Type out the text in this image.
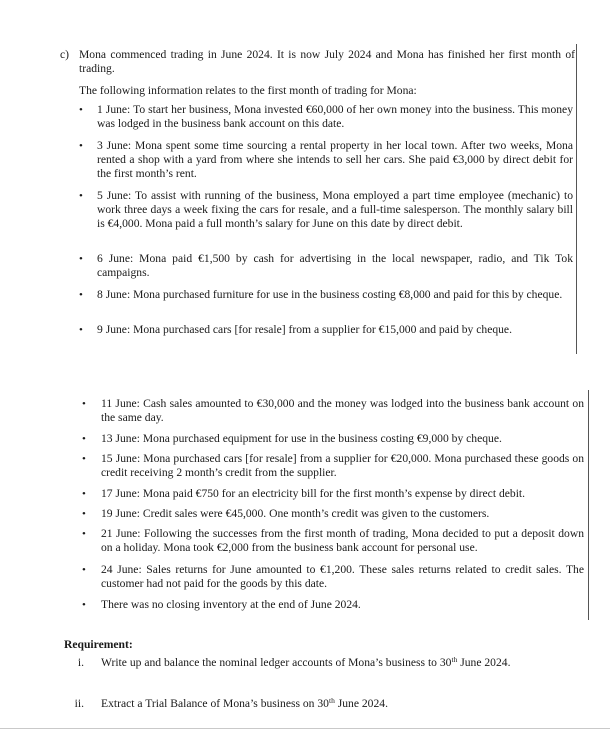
c) Mona commenced trading in June 2024. It is now July 2024 and Mona has finished her first month of trading.
The following information relates to the first month of trading for Mona:
• 1 June: To start her business, Mona invested €60,000 of her own money into the business. This money was lodged in the business bank account on this date.
• 3 June: Mona spent some time sourcing a rental property in her local town. After two weeks, Mona rented a shop with a yard from where she intends to sell her cars. She paid €3,000 by direct debit for the first month’s rent.
• 5 June: To assist with running of the business, Mona employed a part time employee (mechanic) to work three days a week fixing the cars for resale, and a full-time salesperson. The monthly salary bill is €4,000. Mona paid a full month’s salary for June on this date by direct debit.
• 6 June: Mona paid €1,500 by cash for advertising in the local newspaper, radio, and Tik Tok campaigns.
• 8 June: Mona purchased furniture for use in the business costing €8,000 and paid for this by cheque.
• 9 June: Mona purchased cars [for resale] from a supplier for €15,000 and paid by cheque.
• 11 June: Cash sales amounted to €30,000 and the money was lodged into the business bank account on the same day.
• 13 June: Mona purchased equipment for use in the business costing €9,000 by cheque.
• 15 June: Mona purchased cars [for resale] from a supplier for €20,000. Mona purchased these goods on credit receiving 2 month’s credit from the supplier.
• 17 June: Mona paid €750 for an electricity bill for the first month’s expense by direct debit.
• 19 June: Credit sales were €45,000. One month’s credit was given to the customers.
• 21 June: Following the successes from the first month of trading, Mona decided to put a deposit down on a holiday. Mona took €2,000 from the business bank account for personal use.
• 24 June: Sales returns for June amounted to €1,200. These sales returns related to credit sales. The customer had not paid for the goods by this date.
• There was no closing inventory at the end of June 2024.
Requirement:
i. Write up and balance the nominal ledger accounts of Mona’s business to 30th June 2024.
ii. Extract a Trial Balance of Mona’s business on 30th June 2024.
